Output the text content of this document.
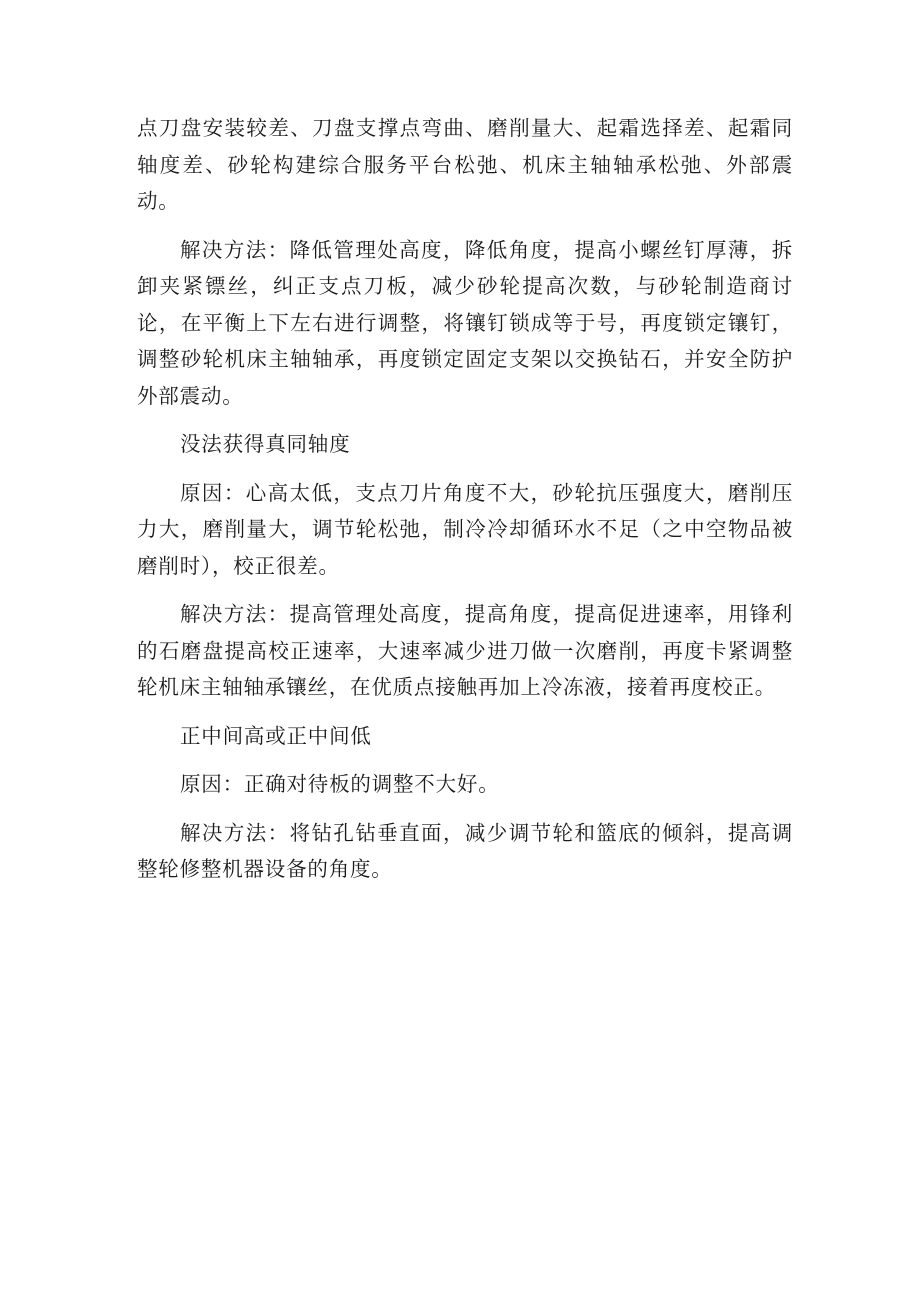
点刀盘安装较差、刀盘支撑点弯曲、磨削量大、起霜选择差、起霜同轴度差、砂轮构建综合服务平台松弛、机床主轴轴承松弛、外部震动。

解决方法：降低管理处高度，降低角度，提高小螺丝钉厚薄，拆卸夹紧镖丝，纠正支点刀板，减少砂轮提高次数，与砂轮制造商讨论，在平衡上下左右进行调整，将镶钉锁成等于号，再度锁定镶钉，调整砂轮机床主轴轴承，再度锁定固定支架以交换钻石，并安全防护外部震动。

没法获得真同轴度

原因：心高太低，支点刀片角度不大，砂轮抗压强度大，磨削压力大，磨削量大，调节轮松弛，制冷冷却循环水不足（之中空物品被磨削时），校正很差。

解决方法：提高管理处高度，提高角度，提高促进速率，用锋利的石磨盘提高校正速率，大速率减少进刀做一次磨削，再度卡紧调整轮机床主轴轴承镶丝，在优质点接触再加上冷冻液，接着再度校正。

正中间高或正中间低

原因：正确对待板的调整不大好。

解决方法：将钻孔钻垂直面，减少调节轮和篮底的倾斜，提高调整轮修整机器设备的角度。
